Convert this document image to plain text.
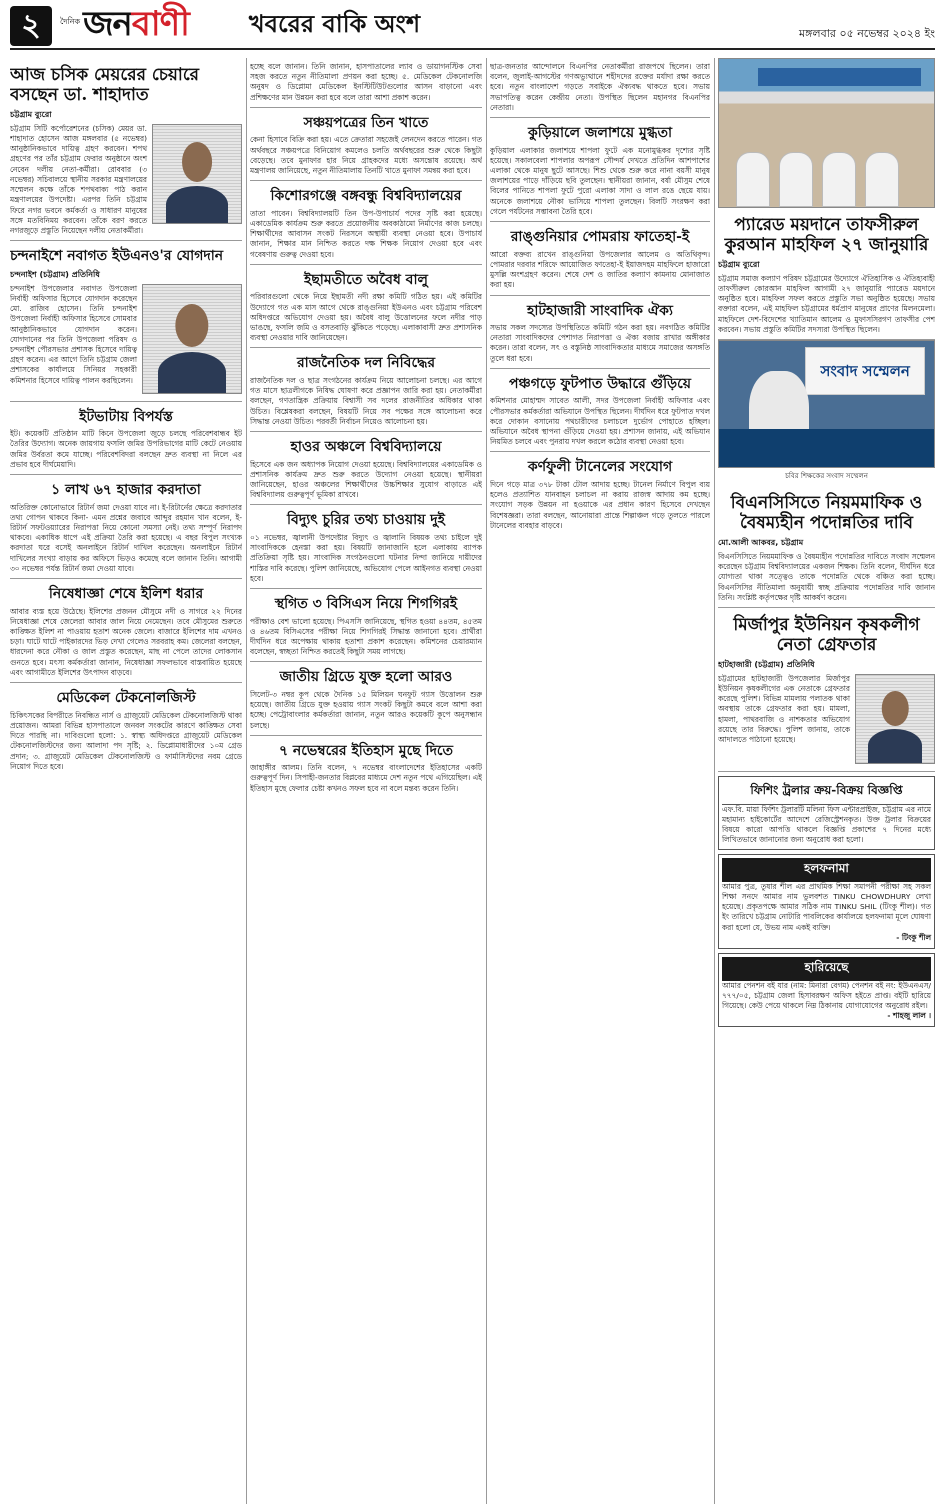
২	দৈনিক জনবাণী	খবরের বাকি অংশ	মঙ্গলবার ০৫ নভেম্বর ২০২৪ ইং
আজ চসিক মেয়রের চেয়ারে বসছেন ডা. শাহাদাত
চট্টগ্রাম ব্যুরো
চট্টগ্রাম সিটি কর্পোরেশনের (চসিক) মেয়র ডা. শাহাদাত হোসেন আজ মঙ্গলবার (৫ নভেম্বর) আনুষ্ঠানিকভাবে দায়িত্ব গ্রহণ করবেন। শপথ গ্রহণের পর তাঁর চট্টগ্রাম ফেরার অনুষ্ঠানে অংশ নেবেন দলীয় নেতা-কর্মীরা। রোববার (৩ নভেম্বর) সচিবালয়ে স্থানীয় সরকার মন্ত্রণালয়ের সম্মেলন কক্ষে তাঁকে শপথবাক্য পাঠ করান মন্ত্রণালয়ের উপদেষ্টা। এরপর তিনি চট্টগ্রাম ফিরে নগর ভবনে কর্মকর্তা ও সাধারণ মানুষের সঙ্গে মতবিনিময় করবেন। তাঁকে বরণ করতে নগরজুড়ে প্রস্তুতি নিয়েছেন দলীয় নেতাকর্মীরা।
চন্দনাইশে নবাগত ইউএনও'র যোগদান
চন্দনাইশ (চট্টগ্রাম) প্রতিনিধি
চন্দনাইশ উপজেলার নবাগত উপজেলা নির্বাহী অফিসার হিসেবে যোগদান করেছেন মো. রাজিব হোসেন। তিনি চন্দনাইশ উপজেলা নির্বাহী অফিসার হিসেবে সোমবার আনুষ্ঠানিকভাবে যোগদান করেন। যোগদানের পর তিনি উপজেলা পরিষদ ও চন্দনাইশ পৌরসভার প্রশাসক হিসেবে দায়িত্ব গ্রহণ করেন। এর আগে তিনি চট্টগ্রাম জেলা প্রশাসকের কার্যালয়ে সিনিয়র সহকারী কমিশনার হিসেবে দায়িত্ব পালন করছিলেন।
ইটভাটায় বিপর্যস্ত
ইট। কয়েকটি প্রতিষ্ঠান মাটি কিনে উপজেলা জুড়ে চলছে পরিবেশবান্ধব ইট তৈরির উদ্যোগ। অনেক জায়গায় ফসলি জমির উপরিভাগের মাটি কেটে নেওয়ায় জমির উর্বরতা কমে যাচ্ছে। পরিবেশবিদরা বলছেন দ্রুত ব্যবস্থা না নিলে এর প্রভাব হবে দীর্ঘমেয়াদি।
১ লাখ ৬৭ হাজার করদাতা
অতিরিক্ত কোনোভাবে রিটার্ন জমা দেওয়া যাবে না। ই-রিটার্নের ক্ষেত্রে করদাতার তথ্য গোপন থাকবে কিনা- এমন প্রশ্নের জবাবে আব্দুর রহমান খান বলেন, ই-রিটার্ন সফটওয়্যারের নিরাপত্তা নিয়ে কোনো সমস্যা নেই। তথ্য সম্পূর্ণ নিরাপদ থাকবে। একাধিক ধাপে এই প্রক্রিয়া তৈরি করা হয়েছে। এ বছর বিপুল সংখ্যক করদাতা ঘরে বসেই অনলাইনে রিটার্ন দাখিল করেছেন। অনলাইনে রিটার্ন দাখিলের সংখ্যা বাড়ায় কর অফিসে ভিড়ও কমেছে বলে জানান তিনি। আগামী ৩০ নভেম্বর পর্যন্ত রিটার্ন জমা দেওয়া যাবে।
নিষেধাজ্ঞা শেষে ইলিশ ধরার
আবার ব্যস্ত হয়ে উঠেছে। ইলিশের প্রজনন মৌসুমে নদী ও সাগরে ২২ দিনের নিষেধাজ্ঞা শেষে জেলেরা আবার জাল নিয়ে নেমেছেন। তবে মৌসুমের শুরুতে কাঙ্ক্ষিত ইলিশ না পাওয়ায় হতাশ অনেক জেলে। বাজারে ইলিশের দাম এখনও চড়া। ঘাটে ঘাটে পাইকারদের ভিড় দেখা গেলেও সরবরাহ কম। জেলেরা বলছেন, ধারদেনা করে নৌকা ও জাল প্রস্তুত করেছেন, মাছ না পেলে তাদের লোকসান গুনতে হবে। মৎস্য কর্মকর্তারা জানান, নিষেধাজ্ঞা সফলভাবে বাস্তবায়িত হয়েছে এবং আগামীতে ইলিশের উৎপাদন বাড়বে।
মেডিকেল টেকনোলজিস্ট
চিকিৎসকের বিপরীতে নিবন্ধিত নার্স ও গ্রাজুয়েট মেডিকেল টেকনোলজিস্ট থাকা প্রয়োজন। আমরা বিভিন্ন হাসপাতালে জনবল সংকটের কারণে কাঙ্ক্ষিত সেবা দিতে পারছি না। দাবিগুলো হলো: ১. স্বাস্থ্য অধিদপ্তরে গ্রাজুয়েট মেডিকেল টেকনোলজিস্টদের জন্য আলাদা পদ সৃষ্টি; ২. ডিপ্লোমাধারীদের ১০ম গ্রেড প্রদান; ৩. গ্রাজুয়েট মেডিকেল টেকনোলজিস্ট ও ফার্মাসিস্টদের নবম গ্রেডে নিয়োগ দিতে হবে।
হচ্ছে বলে জানান। তিনি জানান, হাসপাতালের ল্যাব ও ডায়াগনস্টিক সেবা সহজ করতে নতুন নীতিমালা প্রণয়ন করা হচ্ছে। ৫. মেডিকেল টেকনোলজি অনুষদ ও ডিপ্লোমা মেডিকেল ইনস্টিটিউটগুলোর আসন বাড়ানো এবং প্রশিক্ষণের মান উন্নয়ন করা হবে বলে তারা আশা প্রকাশ করেন।
সঞ্চয়পত্রের তিন খাতে
কেনা হিসাবে বিক্রি করা হয়। এতে ক্রেতারা সহজেই লেনদেন করতে পারেন। গত অর্থবছরে সঞ্চয়পত্রে বিনিয়োগ কমলেও চলতি অর্থবছরের শুরু থেকে কিছুটা বেড়েছে। তবে মুনাফার হার নিয়ে গ্রাহকদের মধ্যে অসন্তোষ রয়েছে। অর্থ মন্ত্রণালয় জানিয়েছে, নতুন নীতিমালায় তিনটি খাতে মুনাফা সমন্বয় করা হবে।
কিশোরগঞ্জে বঙ্গবন্ধু বিশ্ববিদ্যালয়ের
তাতা পাবেন। বিশ্ববিদ্যালয়টি তিন উপ-উপাচার্য পদের সৃষ্টি করা হয়েছে। একাডেমিক কার্যক্রম শুরু করতে প্রয়োজনীয় অবকাঠামো নির্মাণের কাজ চলছে। শিক্ষার্থীদের আবাসন সংকট নিরসনে অস্থায়ী ব্যবস্থা নেওয়া হবে। উপাচার্য জানান, শিক্ষার মান নিশ্চিত করতে দক্ষ শিক্ষক নিয়োগ দেওয়া হবে এবং গবেষণায় গুরুত্ব দেওয়া হবে।
ইছামতীতে অবৈধ বালু
পরিবারগুলো থেকে নিয়ে ইছামতী নদী রক্ষা কমিটি গঠিত হয়। এই কমিটির উদ্যোগে গত এক মাস আগে থেকে রাঙ্গুনিয়া ইউএনও এবং চট্টগ্রাম পরিবেশ অধিদপ্তরে অভিযোগ দেওয়া হয়। অবৈধ বালু উত্তোলনের ফলে নদীর পাড় ভাঙছে, ফসলি জমি ও বসতবাড়ি ঝুঁকিতে পড়েছে। এলাকাবাসী দ্রুত প্রশাসনিক ব্যবস্থা নেওয়ার দাবি জানিয়েছেন।
রাজনৈতিক দল নিবিদ্ধের
রাজনৈতিক দল ও ছাত্র সংগঠনের কার্যক্রম নিয়ে আলোচনা চলছে। এর আগে গত মাসে ছাত্রলীগকে নিষিদ্ধ ঘোষণা করে প্রজ্ঞাপন জারি করা হয়। নেতাকর্মীরা বলছেন, গণতান্ত্রিক প্রক্রিয়ায় বিশ্বাসী সব দলের রাজনীতির অধিকার থাকা উচিত। বিশ্লেষকরা বলছেন, বিষয়টি নিয়ে সব পক্ষের সঙ্গে আলোচনা করে সিদ্ধান্ত নেওয়া উচিত। পরবর্তী নির্বাচন নিয়েও আলোচনা হয়।
হাওর অঞ্চলে বিশ্ববিদ্যালয়ে
হিসেবে এক জন অধ্যাপক নিয়োগ দেওয়া হয়েছে। বিশ্ববিদ্যালয়ের একাডেমিক ও প্রশাসনিক কার্যক্রম দ্রুত শুরু করতে উদ্যোগ নেওয়া হয়েছে। স্থানীয়রা জানিয়েছেন, হাওর অঞ্চলের শিক্ষার্থীদের উচ্চশিক্ষার সুযোগ বাড়াতে এই বিশ্ববিদ্যালয় গুরুত্বপূর্ণ ভূমিকা রাখবে।
বিদ্যুৎ চুরির তথ্য চাওয়ায় দুই
০১ নভেম্বর, জ্বালানী উপদেষ্টার বিদ্যুৎ ও জ্বালানি বিষয়ক তথ্য চাইলে দুই সাংবাদিককে হেনস্তা করা হয়। বিষয়টি জানাজানি হলে এলাকায় ব্যাপক প্রতিক্রিয়া সৃষ্টি হয়। সাংবাদিক সংগঠনগুলো ঘটনার নিন্দা জানিয়ে দায়ীদের শাস্তির দাবি করেছে। পুলিশ জানিয়েছে, অভিযোগ পেলে আইনগত ব্যবস্থা নেওয়া হবে।
স্থগিত ৩ বিসিএস নিয়ে শিগগিরই
পরীক্ষাও বেশ ভালো হয়েছে। পিএসসি জানিয়েছে, স্থগিত হওয়া ৪৪তম, ৪৫তম ও ৪৬তম বিসিএসের পরীক্ষা নিয়ে শিগগিরই সিদ্ধান্ত জানানো হবে। প্রার্থীরা দীর্ঘদিন ধরে অপেক্ষায় থাকায় হতাশা প্রকাশ করেছেন। কমিশনের চেয়ারম্যান বলেছেন, স্বচ্ছতা নিশ্চিত করতেই কিছুটা সময় লাগছে।
জাতীয় গ্রিডে যুক্ত হলো আরও
সিলেট-৩ নম্বর কূপ থেকে দৈনিক ১৫ মিলিয়ন ঘনফুট গ্যাস উত্তোলন শুরু হয়েছে। জাতীয় গ্রিডে যুক্ত হওয়ায় গ্যাস সংকট কিছুটা কমবে বলে আশা করা হচ্ছে। পেট্রোবাংলার কর্মকর্তারা জানান, নতুন আরও কয়েকটি কূপে অনুসন্ধান চলছে।
৭ নভেম্বরের ইতিহাস মুছে দিতে
জাহাঙ্গীর আলম। তিনি বলেন, ৭ নভেম্বর বাংলাদেশের ইতিহাসের একটি গুরুত্বপূর্ণ দিন। সিপাহী-জনতার বিপ্লবের মাধ্যমে দেশ নতুন পথে এগিয়েছিল। এই ইতিহাস মুছে ফেলার চেষ্টা কখনও সফল হবে না বলে মন্তব্য করেন তিনি।
ছাত্র-জনতার আন্দোলনে বিএনপির নেতাকর্মীরা রাজপথে ছিলেন। তারা বলেন, জুলাই-আগস্টের গণঅভ্যুত্থানে শহীদদের রক্তের মর্যাদা রক্ষা করতে হবে। নতুন বাংলাদেশ গড়তে সবাইকে ঐক্যবদ্ধ থাকতে হবে। সভায় সভাপতিত্ব করেন কেন্দ্রীয় নেতা। উপস্থিত ছিলেন মহানগর বিএনপির নেতারা।
কুড়িয়ালে জলাশয়ে মুগ্ধতা
কুড়িয়াল এলাকার জলাশয়ে শাপলা ফুটে এক মনোমুগ্ধকর দৃশ্যের সৃষ্টি হয়েছে। সকালবেলা শাপলার অপরূপ সৌন্দর্য দেখতে প্রতিদিন আশপাশের এলাকা থেকে মানুষ ছুটে আসছে। শিশু থেকে শুরু করে নানা বয়সী মানুষ জলাশয়ের পাড়ে দাঁড়িয়ে ছবি তুলছেন। স্থানীয়রা জানান, বর্ষা মৌসুম শেষে বিলের পানিতে শাপলা ফুটে পুরো এলাকা সাদা ও লাল রঙে ছেয়ে যায়। অনেকে জলাশয়ে নৌকা ভাসিয়ে শাপলা তুলছেন। বিলটি সংরক্ষণ করা গেলে পর্যটনের সম্ভাবনা তৈরি হবে।
রাঙ্গুনিয়ার পোমরায় ফাতেহা-ই
আরো বক্তব্য রাখেন রাঙ্গুনিয়া উপজেলার আলেম ও অতিথিবৃন্দ। পোমরার দরবার শরিফে আয়োজিত ফাতেহা-ই ইয়াজদহম মাহফিলে হাজারো মুসল্লি অংশগ্রহণ করেন। শেষে দেশ ও জাতির কল্যাণ কামনায় মোনাজাত করা হয়।
হাটহাজারী সাংবাদিক ঐক্য
সভায় সকল সদস্যের উপস্থিতিতে কমিটি গঠন করা হয়। নবগঠিত কমিটির নেতারা সাংবাদিকদের পেশাগত নিরাপত্তা ও ঐক্য বজায় রাখার অঙ্গীকার করেন। তারা বলেন, সৎ ও বস্তুনিষ্ঠ সাংবাদিকতার মাধ্যমে সমাজের অসঙ্গতি তুলে ধরা হবে।
পঞ্চগড়ে ফুটপাত উদ্ধারে গুঁড়িয়ে
কমিশনার মোহাম্মদ সাবেত আলী, সদর উপজেলা নির্বাহী অফিসার এবং পৌরসভার কর্মকর্তারা অভিযানে উপস্থিত ছিলেন। দীর্ঘদিন ধরে ফুটপাত দখল করে দোকান বসানোয় পথচারীদের চলাচলে দুর্ভোগ পোহাতে হচ্ছিল। অভিযানে অবৈধ স্থাপনা গুঁড়িয়ে দেওয়া হয়। প্রশাসন জানায়, এই অভিযান নিয়মিত চলবে এবং পুনরায় দখল করলে কঠোর ব্যবস্থা নেওয়া হবে।
কর্ণফুলী টানেলের সংযোগ
দিনে গড়ে মাত্র ৩৭৮ টাকা টোল আদায় হচ্ছে। টানেল নির্মাণে বিপুল ব্যয় হলেও প্রত্যাশিত যানবাহন চলাচল না করায় রাজস্ব আদায় কম হচ্ছে। সংযোগ সড়ক উন্নয়ন না হওয়াকে এর প্রধান কারণ হিসেবে দেখছেন বিশেষজ্ঞরা। তারা বলছেন, আনোয়ারা প্রান্তে শিল্পাঞ্চল গড়ে তুলতে পারলে টানেলের ব্যবহার বাড়বে।
প্যারেড ময়দানে তাফসীরুল কুরআন মাহফিল ২৭ জানুয়ারি
চট্টগ্রাম ব্যুরো
চট্টগ্রাম সমাজ কল্যাণ পরিষদ চট্টগ্রামের উদ্যোগে ঐতিহাসিক ও ঐতিহ্যবাহী তাফসীরুল কোরআন মাহফিল আগামী ২৭ জানুয়ারি প্যারেড ময়দানে অনুষ্ঠিত হবে। মাহফিল সফল করতে প্রস্তুতি সভা অনুষ্ঠিত হয়েছে। সভায় বক্তারা বলেন, এই মাহফিল চট্টগ্রামের ধর্মপ্রাণ মানুষের প্রাণের মিলনমেলা। মাহফিলে দেশ-বিদেশের খ্যাতিমান আলেম ও মুফাসসিরগণ তাফসীর পেশ করবেন। সভায় প্রস্তুতি কমিটির সদস্যরা উপস্থিত ছিলেন।
সংবাদ সম্মেলন
চবির শিক্ষকের সংবাদ সম্মেলন
বিএনসিসিতে নিয়মমাফিক ও বৈষম্যহীন পদোন্নতির দাবি
মো.আলী আকবর, চট্টগ্রাম
বিএনসিসিতে নিয়মমাফিক ও বৈষম্যহীন পদোন্নতির দাবিতে সংবাদ সম্মেলন করেছেন চট্টগ্রাম বিশ্ববিদ্যালয়ের একজন শিক্ষক। তিনি বলেন, দীর্ঘদিন ধরে যোগ্যতা থাকা সত্ত্বেও তাকে পদোন্নতি থেকে বঞ্চিত করা হচ্ছে। বিএনসিসির নীতিমালা অনুযায়ী স্বচ্ছ প্রক্রিয়ায় পদোন্নতির দাবি জানান তিনি। সংশ্লিষ্ট কর্তৃপক্ষের দৃষ্টি আকর্ষণ করেন।
মির্জাপুর ইউনিয়ন কৃষকলীগ নেতা গ্রেফতার
হাটহাজারী (চট্টগ্রাম) প্রতিনিধি
চট্টগ্রামের হাটহাজারী উপজেলার মির্জাপুর ইউনিয়ন কৃষকলীগের এক নেতাকে গ্রেফতার করেছে পুলিশ। বিভিন্ন মামলায় পলাতক থাকা অবস্থায় তাকে গ্রেফতার করা হয়। মামলা, হামলা, পাথরবাজি ও নাশকতার অভিযোগ রয়েছে তার বিরুদ্ধে। পুলিশ জানায়, তাকে আদালতে পাঠানো হয়েছে।
ফিশিং ট্রলার ক্রয়-বিক্রয় বিজ্ঞপ্তি
এফ.বি. মায়া ফিশিং ট্রলারটি মলিনা ফিস এন্টারপ্রাইজ, চট্টগ্রাম এর নামে মহামান্য হাইকোর্টের আদেশে রেজিস্ট্রেশনকৃত। উক্ত ট্রলার বিক্রয়ের বিষয়ে কারো আপত্তি থাকলে বিজ্ঞপ্তি প্রকাশের ৭ দিনের মধ্যে লিখিতভাবে জানানোর জন্য অনুরোধ করা হলো।
হলফনামা
আমার পুত্র, তুষার শীল এর প্রাথমিক শিক্ষা সমাপনী পরীক্ষা সহ সকল শিক্ষা সনদে আমার নাম ভুলবশত TINKU CHOWDHURY লেখা হয়েছে। প্রকৃতপক্ষে আমার সঠিক নাম TINKU SHIL (টিংকু শীল)। গত ইং তারিখে চট্টগ্রাম নোটারি পাবলিকের কার্যালয়ে হলফনামা মূলে ঘোষণা করা হলো যে, উভয় নাম একই ব্যক্তি।
- টিংকু শীল
হারিয়েছে
আমার পেনশন বই যার (নাম: মিনারা বেগম) পেনশন বই নং: ইউএনএস/৭৭৭/০৫, চট্টগ্রাম জেলা হিসাবরক্ষণ অফিস হইতে প্রাপ্ত। বইটি হারিয়ে গিয়েছে। কেউ পেয়ে থাকলে নিম্ন ঠিকানায় যোগাযোগের অনুরোধ রইল।
- শাহজু লাল ।
